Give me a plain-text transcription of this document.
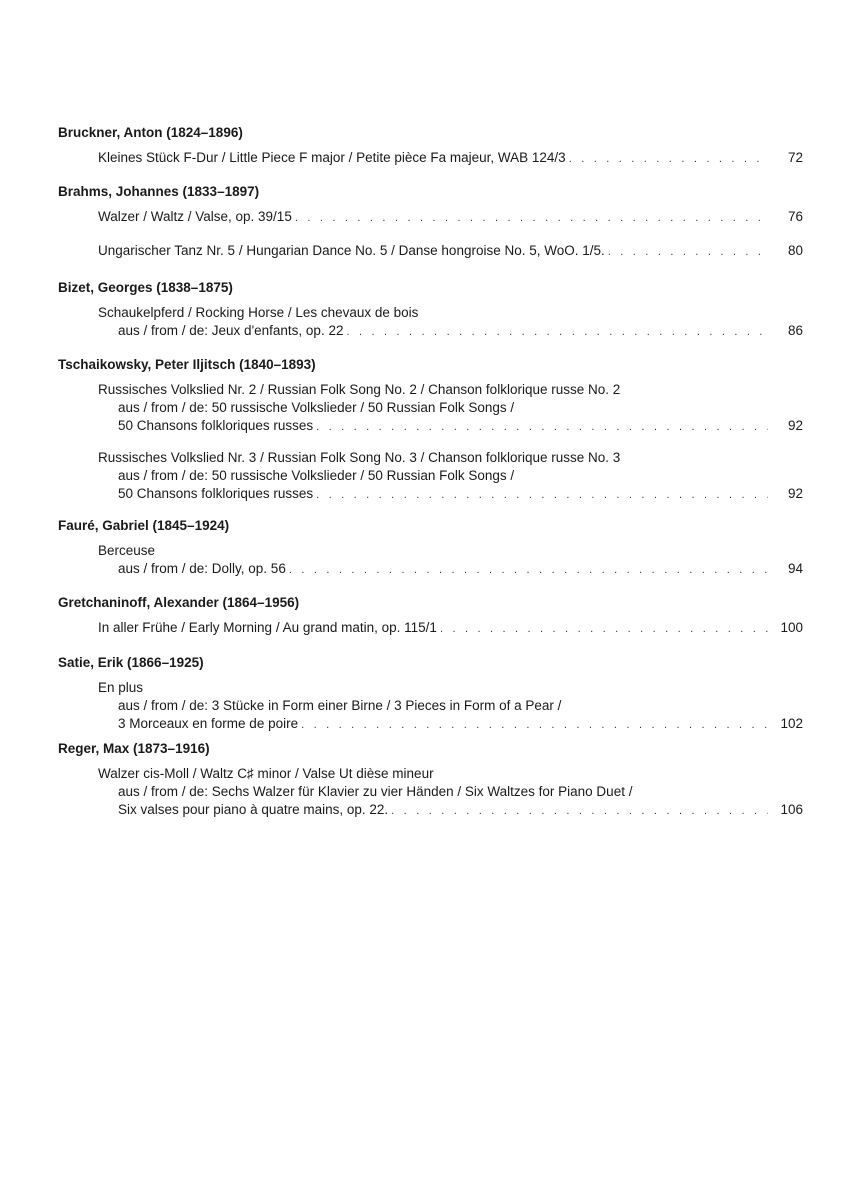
Bruckner, Anton (1824–1896)
Kleines Stück F-Dur / Little Piece F major / Petite pièce Fa majeur, WAB 124/3 . . .	72
Brahms, Johannes (1833–1897)
Walzer / Waltz / Valse, op. 39/15 . . .	76
Ungarischer Tanz Nr. 5 / Hungarian Dance No. 5 / Danse hongroise No. 5, WoO. 1/5. . . .	80
Bizet, Georges (1838–1875)
Schaukelpferd / Rocking Horse / Les chevaux de bois
aus / from / de: Jeux d'enfants, op. 22 . . .	86
Tschaikowsky, Peter Iljitsch (1840–1893)
Russisches Volkslied Nr. 2 / Russian Folk Song No. 2 / Chanson folklorique russe No. 2
aus / from / de: 50 russische Volkslieder / 50 Russian Folk Songs /
50 Chansons folkloriques russes . . .	92
Russisches Volkslied Nr. 3 / Russian Folk Song No. 3 / Chanson folklorique russe No. 3
aus / from / de: 50 russische Volkslieder / 50 Russian Folk Songs /
50 Chansons folkloriques russes . . .	92
Fauré, Gabriel (1845–1924)
Berceuse
aus / from / de: Dolly, op. 56 . . .	94
Gretchaninoff, Alexander (1864–1956)
In aller Frühe / Early Morning / Au grand matin, op. 115/1 . . .	100
Satie, Erik (1866–1925)
En plus
aus / from / de: 3 Stücke in Form einer Birne / 3 Pieces in Form of a Pear /
3 Morceaux en forme de poire . . .	102
Reger, Max (1873–1916)
Walzer cis-Moll / Waltz C♯ minor / Valse Ut dièse mineur
aus / from / de: Sechs Walzer für Klavier zu vier Händen / Six Waltzes for Piano Duet /
Six valses pour piano à quatre mains, op. 22. . . .	106
